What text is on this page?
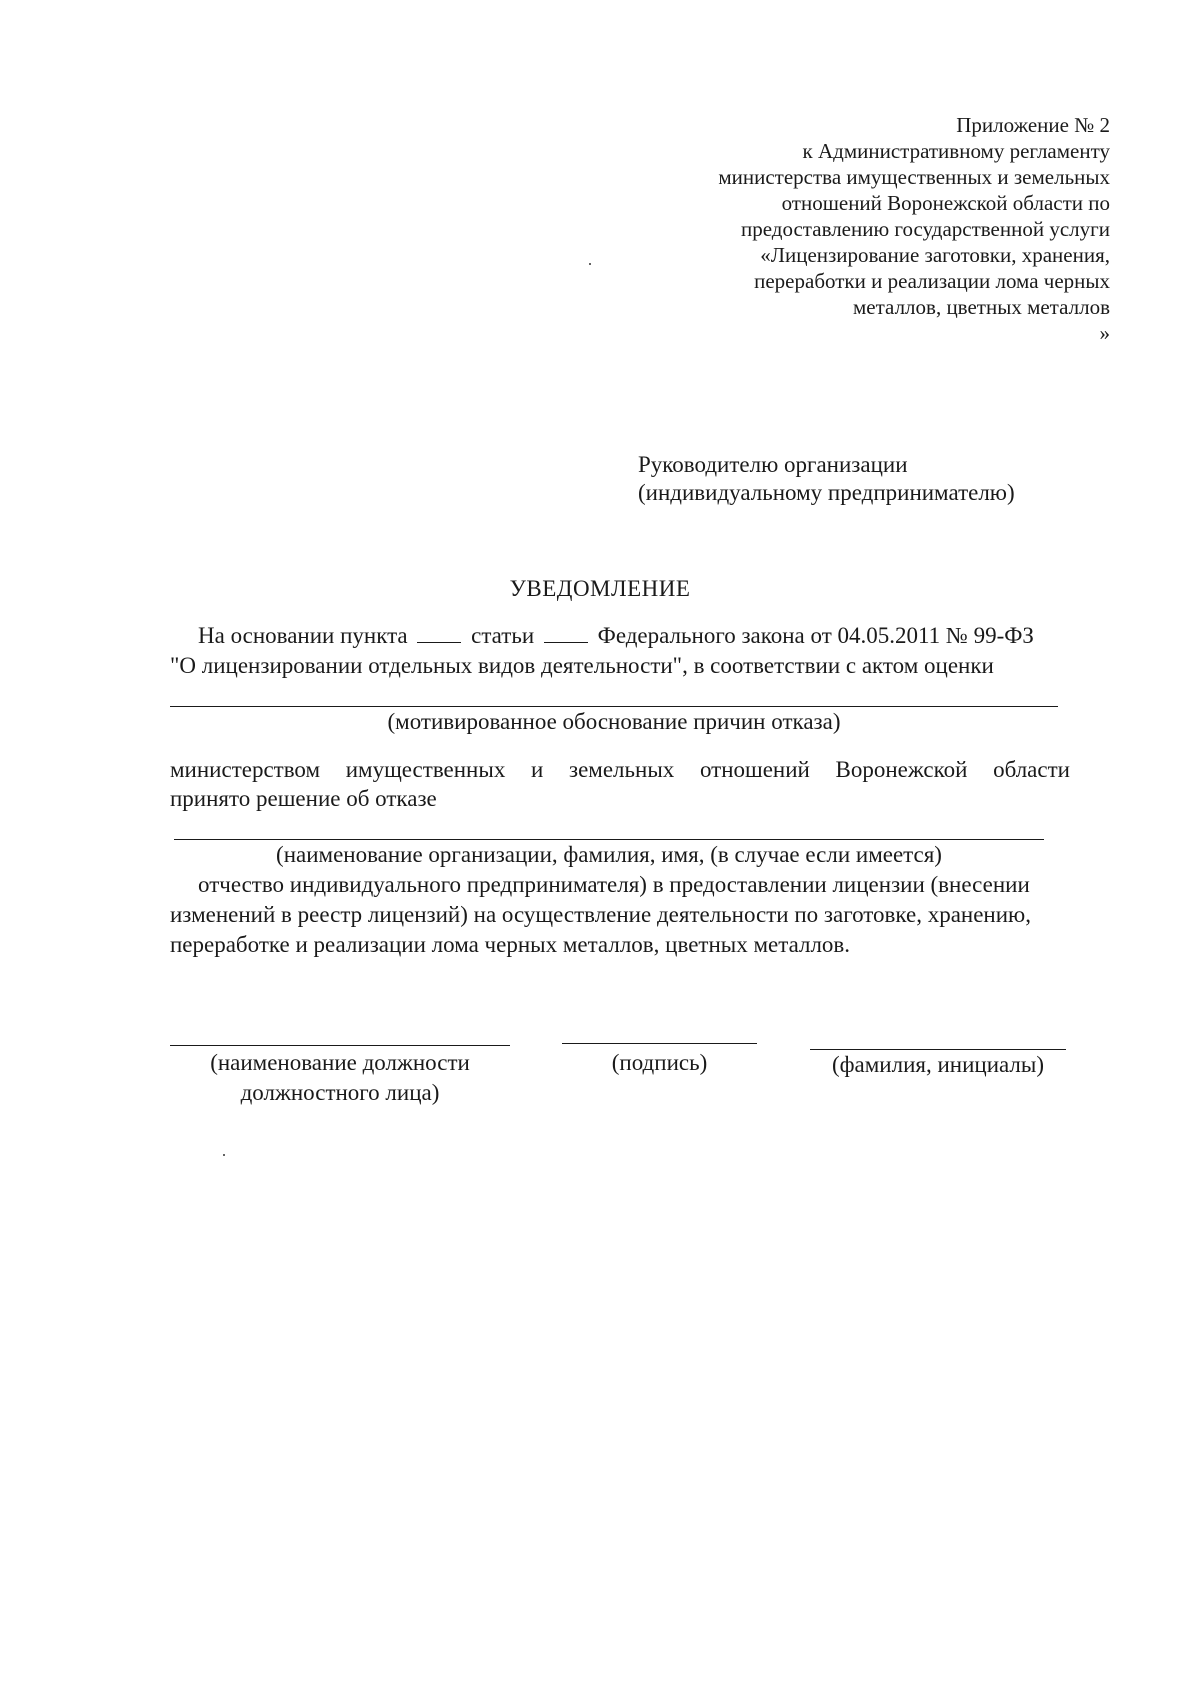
Приложение № 2
к Административному регламенту
министерства имущественных и земельных
отношений Воронежской области по
предоставлению государственной услуги
«Лицензирование заготовки, хранения,
переработки и реализации лома черных
металлов, цветных металлов
»
Руководителю организации
(индивидуальному предпринимателю)
УВЕДОМЛЕНИЕ
На основании пункта	статьи	Федерального закона от 04.05.2011 № 99-ФЗ
"О лицензировании отдельных видов деятельности", в соответствии с актом оценки
(мотивированное обоснование причин отказа)
министерством имущественных и земельных отношений Воронежской области
принято решение об отказе
(наименование организации, фамилия, имя, (в случае если имеется)
отчество индивидуального предпринимателя) в предоставлении лицензии (внесении
изменений в реестр лицензий) на осуществление деятельности по заготовке, хранению,
переработке и реализации лома черных металлов, цветных металлов.
(наименование должности
должностного лица)
(подпись)	(фамилия, инициалы)
